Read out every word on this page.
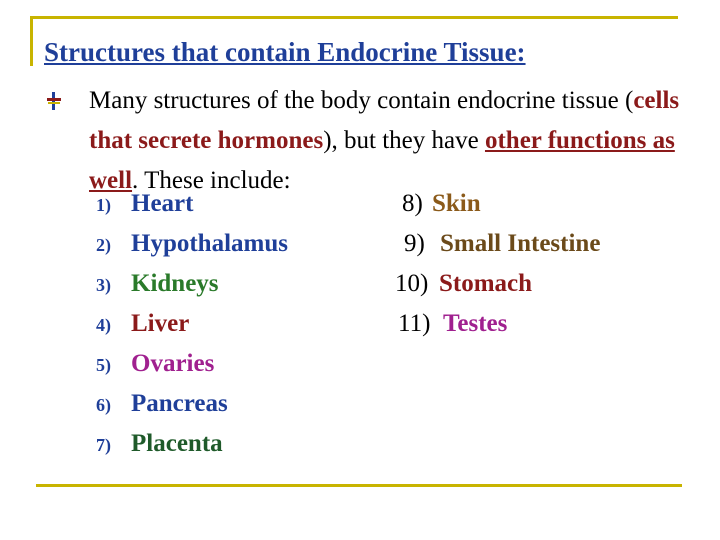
Structures that contain Endocrine Tissue:
Many structures of the body contain endocrine tissue (cells that secrete hormones), but they have other functions as well. These include:
1) Heart
2) Hypothalamus
3) Kidneys
4) Liver
5) Ovaries
6) Pancreas
7) Placenta
8) Skin
9) Small Intestine
10) Stomach
11) Testes
